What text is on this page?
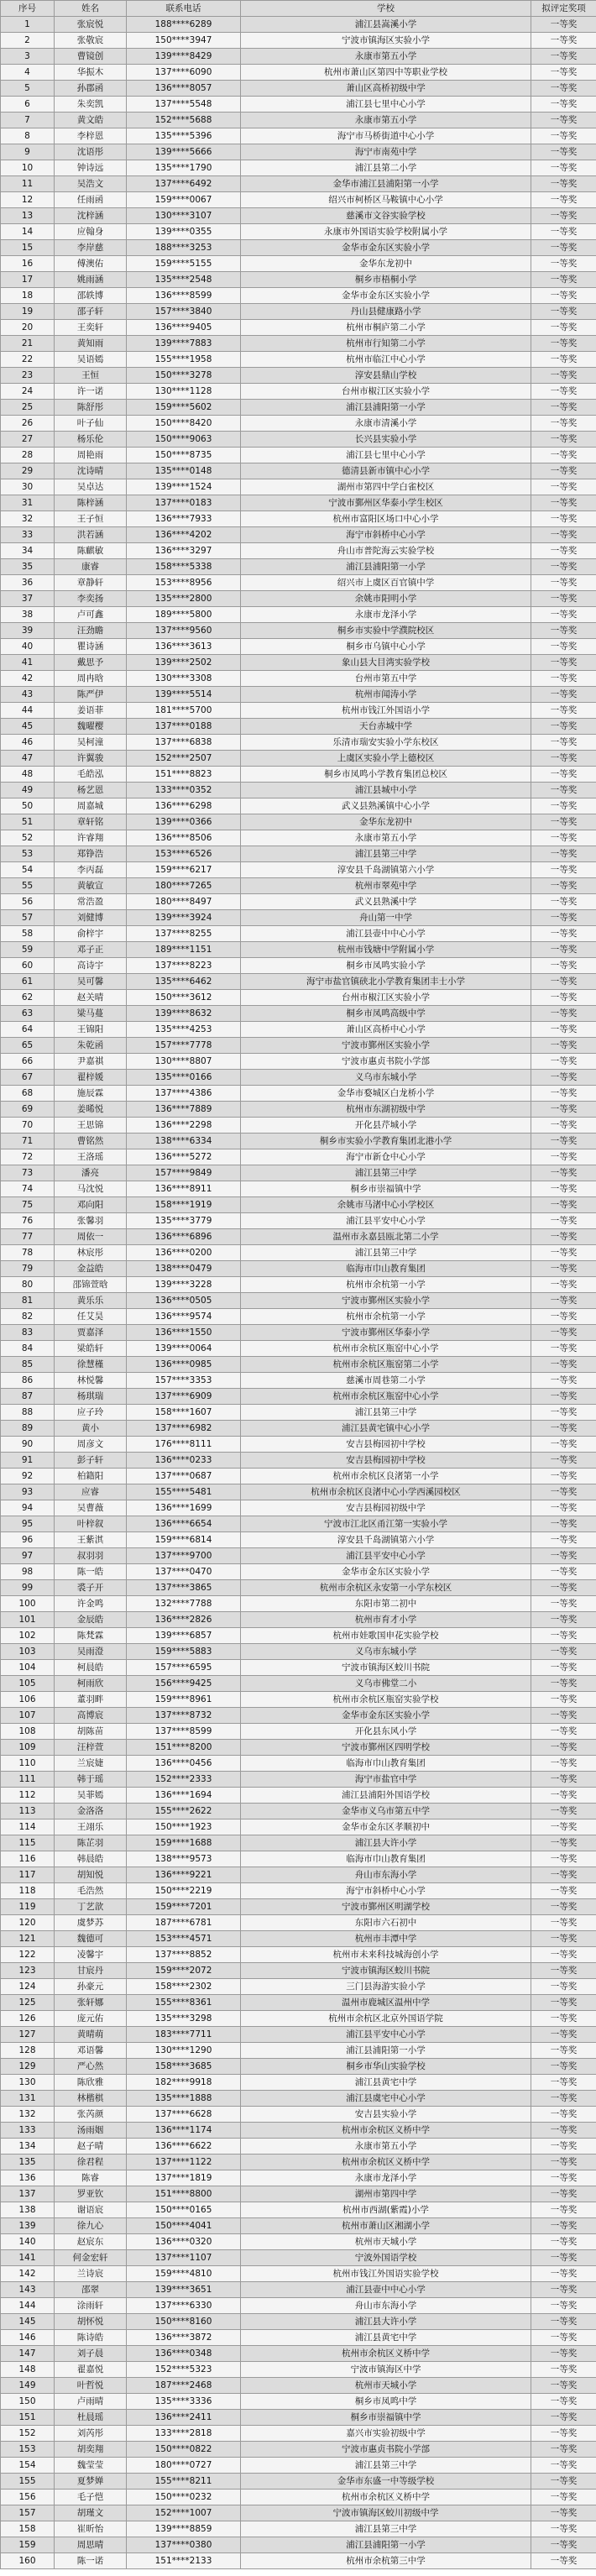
序号	姓名	联系电话	学校	拟评定奖项
1	张宸悦	188****6289	浦江县嵩溪小学	一等奖
2	张敬宸	150****3947	宁波市镇海区实验小学	一等奖
3	曹镜创	139****8429	永康市第五小学	一等奖
4	华振木	137****6090	杭州市萧山区第四中等职业学校	一等奖
5	孙郡函	136****8057	萧山区高桥初级中学	一等奖
6	朱奕凯	137****5548	浦江县七里中心小学	一等奖
7	黄文皓	152****5688	永康市第五小学	一等奖
8	李梓恩	135****5396	海宁市马桥街道中心小学	一等奖
9	沈语彤	139****5666	海宁市南苑中学	一等奖
10	钟诗远	135****1790	浦江县第二小学	一等奖
11	吴浩文	137****6492	金华市浦江县浦阳第一小学	一等奖
12	任雨函	159****0067	绍兴市柯桥区马鞍镇中心小学	一等奖
13	沈梓涵	130****3107	慈溪市文谷实验学校	一等奖
14	应翰身	139****0355	永康市外国语实验学校附属小学	一等奖
15	李岸慈	188****3253	金华市金东区实验小学	一等奖
16	傅澳佑	159****5155	金华东龙初中	一等奖
17	姚雨涵	135****2548	桐乡市梧桐小学	一等奖
18	邵轶博	136****8599	金华市金东区实验小学	一等奖
19	邵子轩	157****3840	丹山县健康路小学	一等奖
20	王奕轩	136****9405	杭州市桐庐第二小学	一等奖
21	黄知雨	139****7883	杭州市行知第二小学	一等奖
22	吴语嫣	155****1958	杭州市临江中心小学	一等奖
23	王恒	150****3278	淳安县鼎山学校	一等奖
24	许一诺	130****1128	台州市椒江区实验小学	一等奖
25	陈舒彤	159****5602	浦江县浦阳第一小学	一等奖
26	叶子仙	150****8420	永康市清溪小学	一等奖
27	杨乐伦	150****9063	长兴县实验小学	一等奖
28	周艳雨	150****8735	浦江县七里中心小学	一等奖
29	沈诗晴	135****0148	德清县新市镇中心小学	一等奖
30	吴卓达	139****1524	湖州市第四中学白雀校区	一等奖
31	陈梓涵	137****0183	宁波市鄞州区华泰小学生校区	一等奖
32	王子恒	136****7933	杭州市富阳区场口中心小学	一等奖
33	洪若涵	136****4202	海宁市斜桥中心小学	一等奖
34	陈麒敏	136****3297	舟山市普陀海云实验学校	一等奖
35	康睿	158****5338	浦江县浦阳第一小学	一等奖
36	章静轩	153****8956	绍兴市上虞区百官镇中学	一等奖
37	李奕扬	135****2800	余姚市阳明小学	一等奖
38	卢可鑫	189****5800	永康市龙泽小学	一等奖
39	汪劲瞻	137****9560	桐乡市实验中学濮院校区	一等奖
40	瞿诗涵	136****3613	桐乡市乌镇中心小学	一等奖
41	戴思予	139****2502	象山县大目湾实验学校	一等奖
42	周冉晗	130****3308	台州市第五中学	一等奖
43	陈严伊	139****5514	杭州市闻涛小学	一等奖
44	姜语菲	181****5700	杭州市钱江外国语小学	一等奖
45	魏曜樱	137****0188	天台赤城中学	一等奖
46	吴柯潼	137****6838	乐清市瑞安实验小学东校区	一等奖
47	许翼骏	152****2507	上虞区实验小学上德校区	一等奖
48	毛皓泓	151****8823	桐乡市凤鸣小学教育集团总校区	一等奖
49	杨艺恩	133****0352	浦江县城中小学	一等奖
50	周嘉城	136****6298	武义县熟溪镇中心小学	一等奖
51	章轩铭	139****0366	金华东龙初中	一等奖
52	许睿翔	136****8506	永康市第五小学	一等奖
53	郑铮浩	153****6526	浦江县第三中学	一等奖
54	李丙磊	159****6217	淳安县千岛湖镇第六小学	一等奖
55	黄敏宣	180****7265	杭州市翠苑中学	一等奖
56	常浩盈	180****8497	武义县熟溪中学	一等奖
57	刘健博	139****3924	舟山第一中学	一等奖
58	俞梓宇	137****8255	浦江县壶中中心小学	一等奖
59	邓子正	189****1151	杭州市钱塘中学附属小学	一等奖
60	高诗宇	137****8223	桐乡市凤鸣实验小学	一等奖
61	吴可馨	135****6462	海宁市盐官镇硖北小学教育集团丰士小学	一等奖
62	赵关晴	150****3612	台州市椒江区实验小学	一等奖
63	梁马蔓	139****8632	桐乡市凤鸣高级中学	一等奖
64	王锦阳	135****4253	萧山区高桥中心小学	一等奖
65	朱乾函	157****7778	宁波市鄞州区实验小学	一等奖
66	尹嘉祺	130****8807	宁波市惠贞书院小学部	一等奖
67	翟梓媛	135****0166	义乌市东城小学	一等奖
68	施辰霖	137****4386	金华市婺城区白龙桥小学	一等奖
69	姜晞悦	136****7889	杭州市东湖初级中学	一等奖
70	王思锦	136****2298	开化县芹城小学	一等奖
71	曹铭然	138****6334	桐乡市实验小学教育集团北港小学	一等奖
72	王洛瑶	136****5272	海宁市新仓中心小学	一等奖
73	潘亮	157****9849	浦江县第三中学	一等奖
74	马沈悦	136****8911	桐乡市崇福镇中学	一等奖
75	邓向阳	158****1919	余姚市马渚中心小学校区	一等奖
76	张馨羽	135****3779	浦江县平安中心小学	一等奖
77	周依一	136****6896	温州市永嘉县瓯北第二小学	一等奖
78	林宸彤	136****0200	浦江县第三中学	一等奖
79	金益皓	138****0479	临海市巾山教育集团	一等奖
80	邵锦萱晗	139****3228	杭州市余杭第一小学	一等奖
81	黄乐乐	136****0505	宁波市鄞州区实验小学	一等奖
82	任艾昊	136****9574	杭州市余杭第一小学	一等奖
83	贾嘉泽	136****1550	宁波市鄞州区华泰小学	一等奖
84	梁皓轩	139****0064	杭州市余杭区瓶窑中心小学	一等奖
85	徐慧槿	136****0985	杭州市余杭区瓶窑第二小学	一等奖
86	林悦馨	157****3353	慈溪市周巷第二小学	一等奖
87	杨琪瑞	137****6909	杭州市余杭区瓶窑中心小学	一等奖
88	应子玲	158****1607	浦江县第三中学	一等奖
89	黄小	137****6982	浦江县黄宅镇中心小学	一等奖
90	周彦文	176****8111	安吉县梅园初中学校	一等奖
91	彭子轩	136****0233	安吉县梅园初中学校	一等奖
92	柏籍阳	137****0687	杭州市余杭区良渚第一小学	一等奖
93	应睿	155****5481	杭州市余杭区良渚中心小学西溪园校区	一等奖
94	吴曹薇	136****1699	安吉县梅园初级中学	一等奖
95	叶梓叙	136****6654	宁波市江北区甬江第一实验小学	一等奖
96	王紫淇	159****6814	淳安县千岛湖镇第六小学	一等奖
97	叔羽羽	137****9700	浦江县平安中心小学	一等奖
98	陈一皓	137****0470	金华市金东区实验小学	一等奖
99	裘子开	137****3865	杭州市余杭区永安第一小学东校区	一等奖
100	许金鸣	132****7788	东阳市第二初中	一等奖
101	金辰皓	136****2826	杭州市育才小学	一等奖
102	陈梵霖	139****6857	杭州市娃歌国申花实验学校	一等奖
103	吴雨澄	159****5883	义乌市东城小学	一等奖
104	柯晨皓	157****6595	宁波市镇海区蛟川书院	一等奖
105	柯雨欣	156****9425	义乌市佛堂二小	一等奖
106	董羽畔	159****8961	杭州市余杭区瓶窑实验学校	一等奖
107	高博宸	137****8732	金华市金东区实验小学	一等奖
108	胡陈苗	137****8599	开化县东风小学	一等奖
109	汪梓萱	151****8200	宁波市鄞州区四明学校	一等奖
110	兰宸婕	136****0456	临海市巾山教育集团	一等奖
111	韩于瑶	152****2333	海宁市盐官中学	一等奖
112	吴菲嫣	136****1694	浦江县浦阳外国语学校	一等奖
113	金洛洛	155****2622	金华市义乌市第五中学	一等奖
114	王翊乐	150****1923	金华市金东区孝顺初中	一等奖
115	陈芷羽	159****1688	浦江县大许小学	一等奖
116	韩晨皓	138****9573	临海市巾山教育集团	一等奖
117	胡知悦	136****9221	舟山市东海小学	一等奖
118	毛浩然	150****2219	海宁市斜桥中心小学	一等奖
119	丁艺歆	159****7201	宁波市鄞州区明湖学校	一等奖
120	虞梦苏	187****6781	东阳市六石初中	一等奖
121	魏德可	153****4571	杭州市丰潭中学	一等奖
122	凌馨宇	137****8852	杭州市未来科技城海创小学	一等奖
123	甘宸丹	159****2072	宁波市镇海区蛟川书院	一等奖
124	孙豪元	158****2302	三门县海游实验小学	一等奖
125	张轩娜	155****8361	温州市鹿城区温州中学	一等奖
126	庞元佑	135****3298	杭州市余杭区北京外国语学院	一等奖
127	黄晴萌	183****7711	浦江县平安中心小学	一等奖
128	邓语馨	130****1290	浦江县浦阳第一小学	一等奖
129	严心然	158****3685	桐乡市华山实验学校	一等奖
130	陈欣雅	182****9918	浦江县黄宅中学	一等奖
131	林楷棋	135****1888	浦江县虞宅中心小学	一等奖
132	张芮颜	137****6628	安吉县实验小学	一等奖
133	汤雨姻	136****1174	杭州市余杭区义桥中学	一等奖
134	赵子晴	136****6622	永康市第五小学	一等奖
135	徐君程	137****1122	杭州市余杭区义桥中学	一等奖
136	陈睿	137****1819	永康市龙泽小学	一等奖
137	罗亚钦	151****8800	湖州市第四中学	一等奖
138	谢语宸	150****0165	杭州市西湖(紫霞)小学	一等奖
139	徐九心	150****4041	杭州市萧山区湘湖小学	一等奖
140	赵宸东	136****0320	杭州市天城小学	一等奖
141	何金宏轩	137****1107	宁波外国语学校	一等奖
142	兰诗宸	159****4810	杭州市钱江外国语实验学校	一等奖
143	邵翠	139****3651	浦江县壶中中心小学	一等奖
144	涂雨轩	137****6330	舟山市东海小学	一等奖
145	胡怀悦	150****8160	浦江县大许小学	一等奖
146	陈诗皓	136****3872	浦江县黄宅中学	一等奖
147	刘子晨	136****0348	杭州市余杭区义桥中学	一等奖
148	翟嘉悦	152****5323	宁波市镇海区中学	一等奖
149	叶哲悦	187****2468	杭州市天城小学	一等奖
150	卢雨晴	135****3336	桐乡市凤鸣中学	一等奖
151	杜晨瑶	136****2411	桐乡市崇福镇中学	一等奖
152	刘芮彤	133****2818	嘉兴市实验初级中学	一等奖
153	胡奕翔	150****0822	宁波市惠贞书院小学部	一等奖
154	魏莹莹	180****0727	浦江县第三中学	一等奖
155	夏梦婵	155****8211	金华市东盛一中等级学校	一等奖
156	毛子恺	150****0232	杭州市余杭区义桥中学	一等奖
157	胡瑾文	152****1007	宁波市镇海区蛟川初级中学	一等奖
158	崔昕怡	139****8859	浦江县第三中学	一等奖
159	周思晴	137****0380	浦江县浦阳第一小学	一等奖
160	陈一诺	151****2133	杭州市余杭第三中学	一等奖
